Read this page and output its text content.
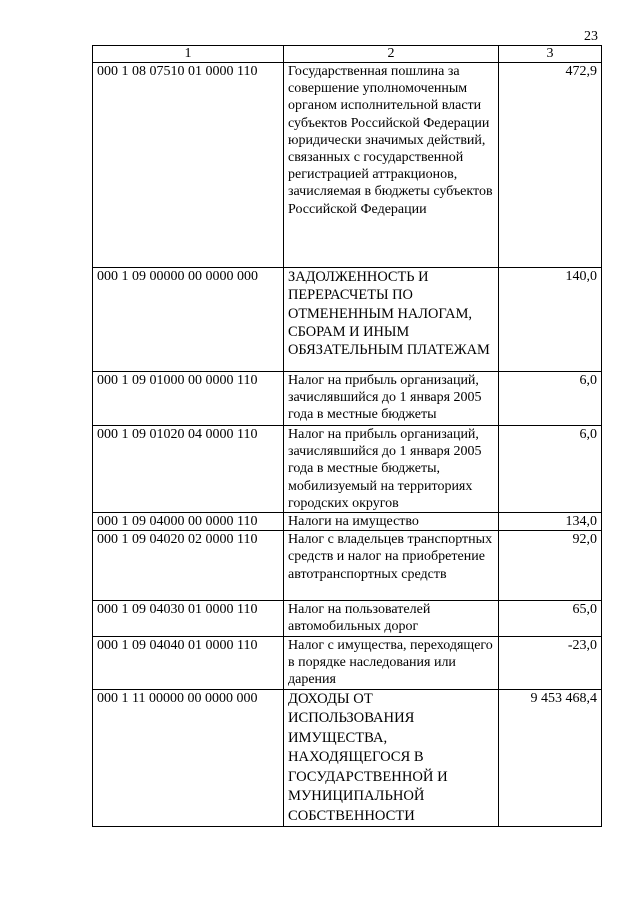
23
1	2	3
000 1 08 07510 01 0000 110	Государственная пошлина за совершение уполномоченным органом исполнительной власти субъектов Российской Федерации юридически значимых действий, связанных с государственной регистрацией аттракционов, зачисляемая в бюджеты субъектов Российской Федерации	472,9
000 1 09 00000 00 0000 000	ЗАДОЛЖЕННОСТЬ И ПЕРЕРАСЧЕТЫ ПО ОТМЕНЕННЫМ НАЛОГАМ, СБОРАМ И ИНЫМ ОБЯЗАТЕЛЬНЫМ ПЛАТЕЖАМ	140,0
000 1 09 01000 00 0000 110	Налог на прибыль организаций, зачислявшийся до 1 января 2005 года в местные бюджеты	6,0
000 1 09 01020 04 0000 110	Налог на прибыль организаций, зачислявшийся до 1 января 2005 года в местные бюджеты, мобилизуемый на территориях городских округов	6,0
000 1 09 04000 00 0000 110	Налоги на имущество	134,0
000 1 09 04020 02 0000 110	Налог с владельцев транспортных средств и налог на приобретение автотранспортных средств	92,0
000 1 09 04030 01 0000 110	Налог на пользователей автомобильных дорог	65,0
000 1 09 04040 01 0000 110	Налог с имущества, переходящего в порядке наследования или дарения	-23,0
000 1 11 00000 00 0000 000	ДОХОДЫ ОТ ИСПОЛЬЗОВАНИЯ ИМУЩЕСТВА, НАХОДЯЩЕГОСЯ В ГОСУДАРСТВЕННОЙ И МУНИЦИПАЛЬНОЙ СОБСТВЕННОСТИ	9 453 468,4
